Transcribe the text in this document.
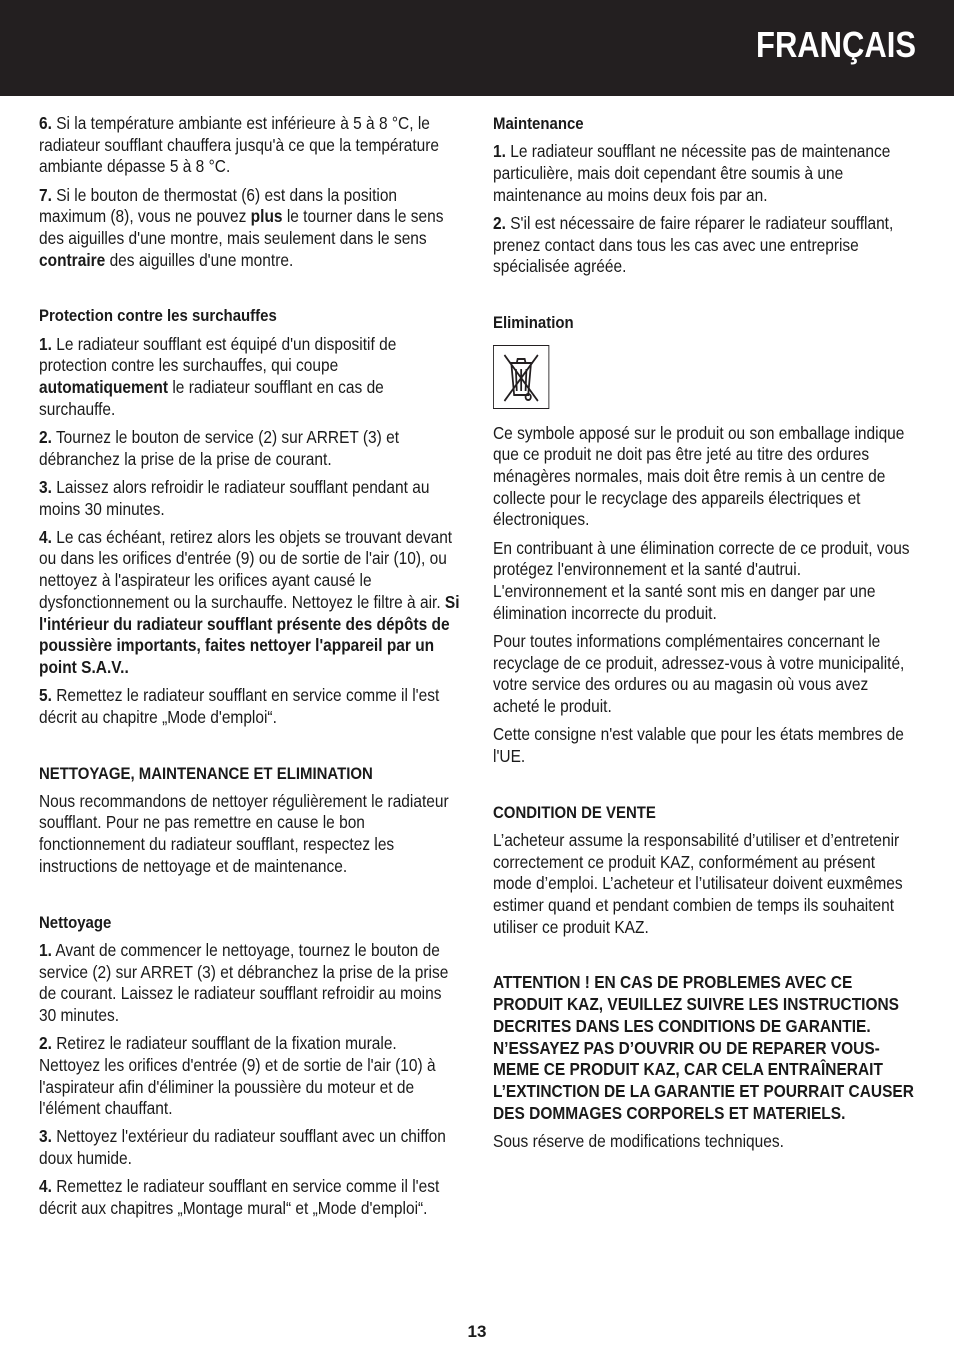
FRANÇAIS

6. Si la température ambiante est inférieure à 5 à 8 °C, le radiateur soufflant chauffera jusqu'à ce que la température ambiante dépasse 5 à 8 °C.

7. Si le bouton de thermostat (6) est dans la position maximum (8), vous ne pouvez plus le tourner dans le sens des aiguilles d'une montre, mais seulement dans le sens contraire des aiguilles d'une montre.

Protection contre les surchauffes

1. Le radiateur soufflant est équipé d'un dispositif de protection contre les surchauffes, qui coupe automatiquement le radiateur soufflant en cas de surchauffe.

2. Tournez le bouton de service (2) sur ARRET (3) et débranchez la prise de la prise de courant.

3. Laissez alors refroidir le radiateur soufflant pendant au moins 30 minutes.

4. Le cas échéant, retirez alors les objets se trouvant devant ou dans les orifices d'entrée (9) ou de sortie de l'air (10), ou nettoyez à l'aspirateur les orifices ayant causé le dysfonctionnement ou la surchauffe. Nettoyez le filtre à air. Si l'intérieur du radiateur soufflant présente des dépôts de poussière importants, faites nettoyer l'appareil par un point S.A.V..

5. Remettez le radiateur soufflant en service comme il l'est décrit au chapitre „Mode d'emploi“.

NETTOYAGE, MAINTENANCE ET ELIMINATION

Nous recommandons de nettoyer régulièrement le radiateur soufflant. Pour ne pas remettre en cause le bon fonctionnement du radiateur soufflant, respectez les instructions de nettoyage et de maintenance.

Nettoyage

1. Avant de commencer le nettoyage, tournez le bouton de service (2) sur ARRET (3) et débranchez la prise de la prise de courant. Laissez le radiateur soufflant refroidir au moins 30 minutes.

2. Retirez le radiateur soufflant de la fixation murale. Nettoyez les orifices d'entrée (9) et de sortie de l'air (10) à l'aspirateur afin d'éliminer la poussière du moteur et de l'élément chauffant.

3. Nettoyez l'extérieur du radiateur soufflant avec un chiffon doux humide.

4. Remettez le radiateur soufflant en service comme il l'est décrit aux chapitres „Montage mural“ et „Mode d'emploi“.

Maintenance

1. Le radiateur soufflant ne nécessite pas de maintenance particulière, mais doit cependant être soumis à une maintenance au moins deux fois par an.

2. S'il est nécessaire de faire réparer le radiateur soufflant, prenez contact dans tous les cas avec une entreprise spécialisée agréée.

Elimination

Ce symbole apposé sur le produit ou son emballage indique que ce produit ne doit pas être jeté au titre des ordures ménagères normales, mais doit être remis à un centre de collecte pour le recyclage des appareils électriques et électroniques.

En contribuant à une élimination correcte de ce produit, vous protégez l'environnement et la santé d'autrui. L'environnement et la santé sont mis en danger par une élimination incorrecte du produit.

Pour toutes informations complémentaires concernant le recyclage de ce produit, adressez-vous à votre municipalité, votre service des ordures ou au magasin où vous avez acheté le produit.

Cette consigne n'est valable que pour les états membres de l'UE.

CONDITION DE VENTE

L’acheteur assume la responsabilité d’utiliser et d’entretenir correctement ce produit KAZ, conformément au présent mode d’emploi. L’acheteur et l’utilisateur doivent euxmêmes estimer quand et pendant combien de temps ils souhaitent utiliser ce produit KAZ.

ATTENTION ! EN CAS DE PROBLEMES AVEC CE PRODUIT KAZ, VEUILLEZ SUIVRE LES INSTRUCTIONS DECRITES DANS LES CONDITIONS DE GARANTIE. N’ESSAYEZ PAS D’OUVRIR OU DE REPARER VOUS-MEME CE PRODUIT KAZ, CAR CELA ENTRAÎNERAIT L’EXTINCTION DE LA GARANTIE ET POURRAIT CAUSER DES DOMMAGES CORPORELS ET MATERIELS.

Sous réserve de modifications techniques.

13
